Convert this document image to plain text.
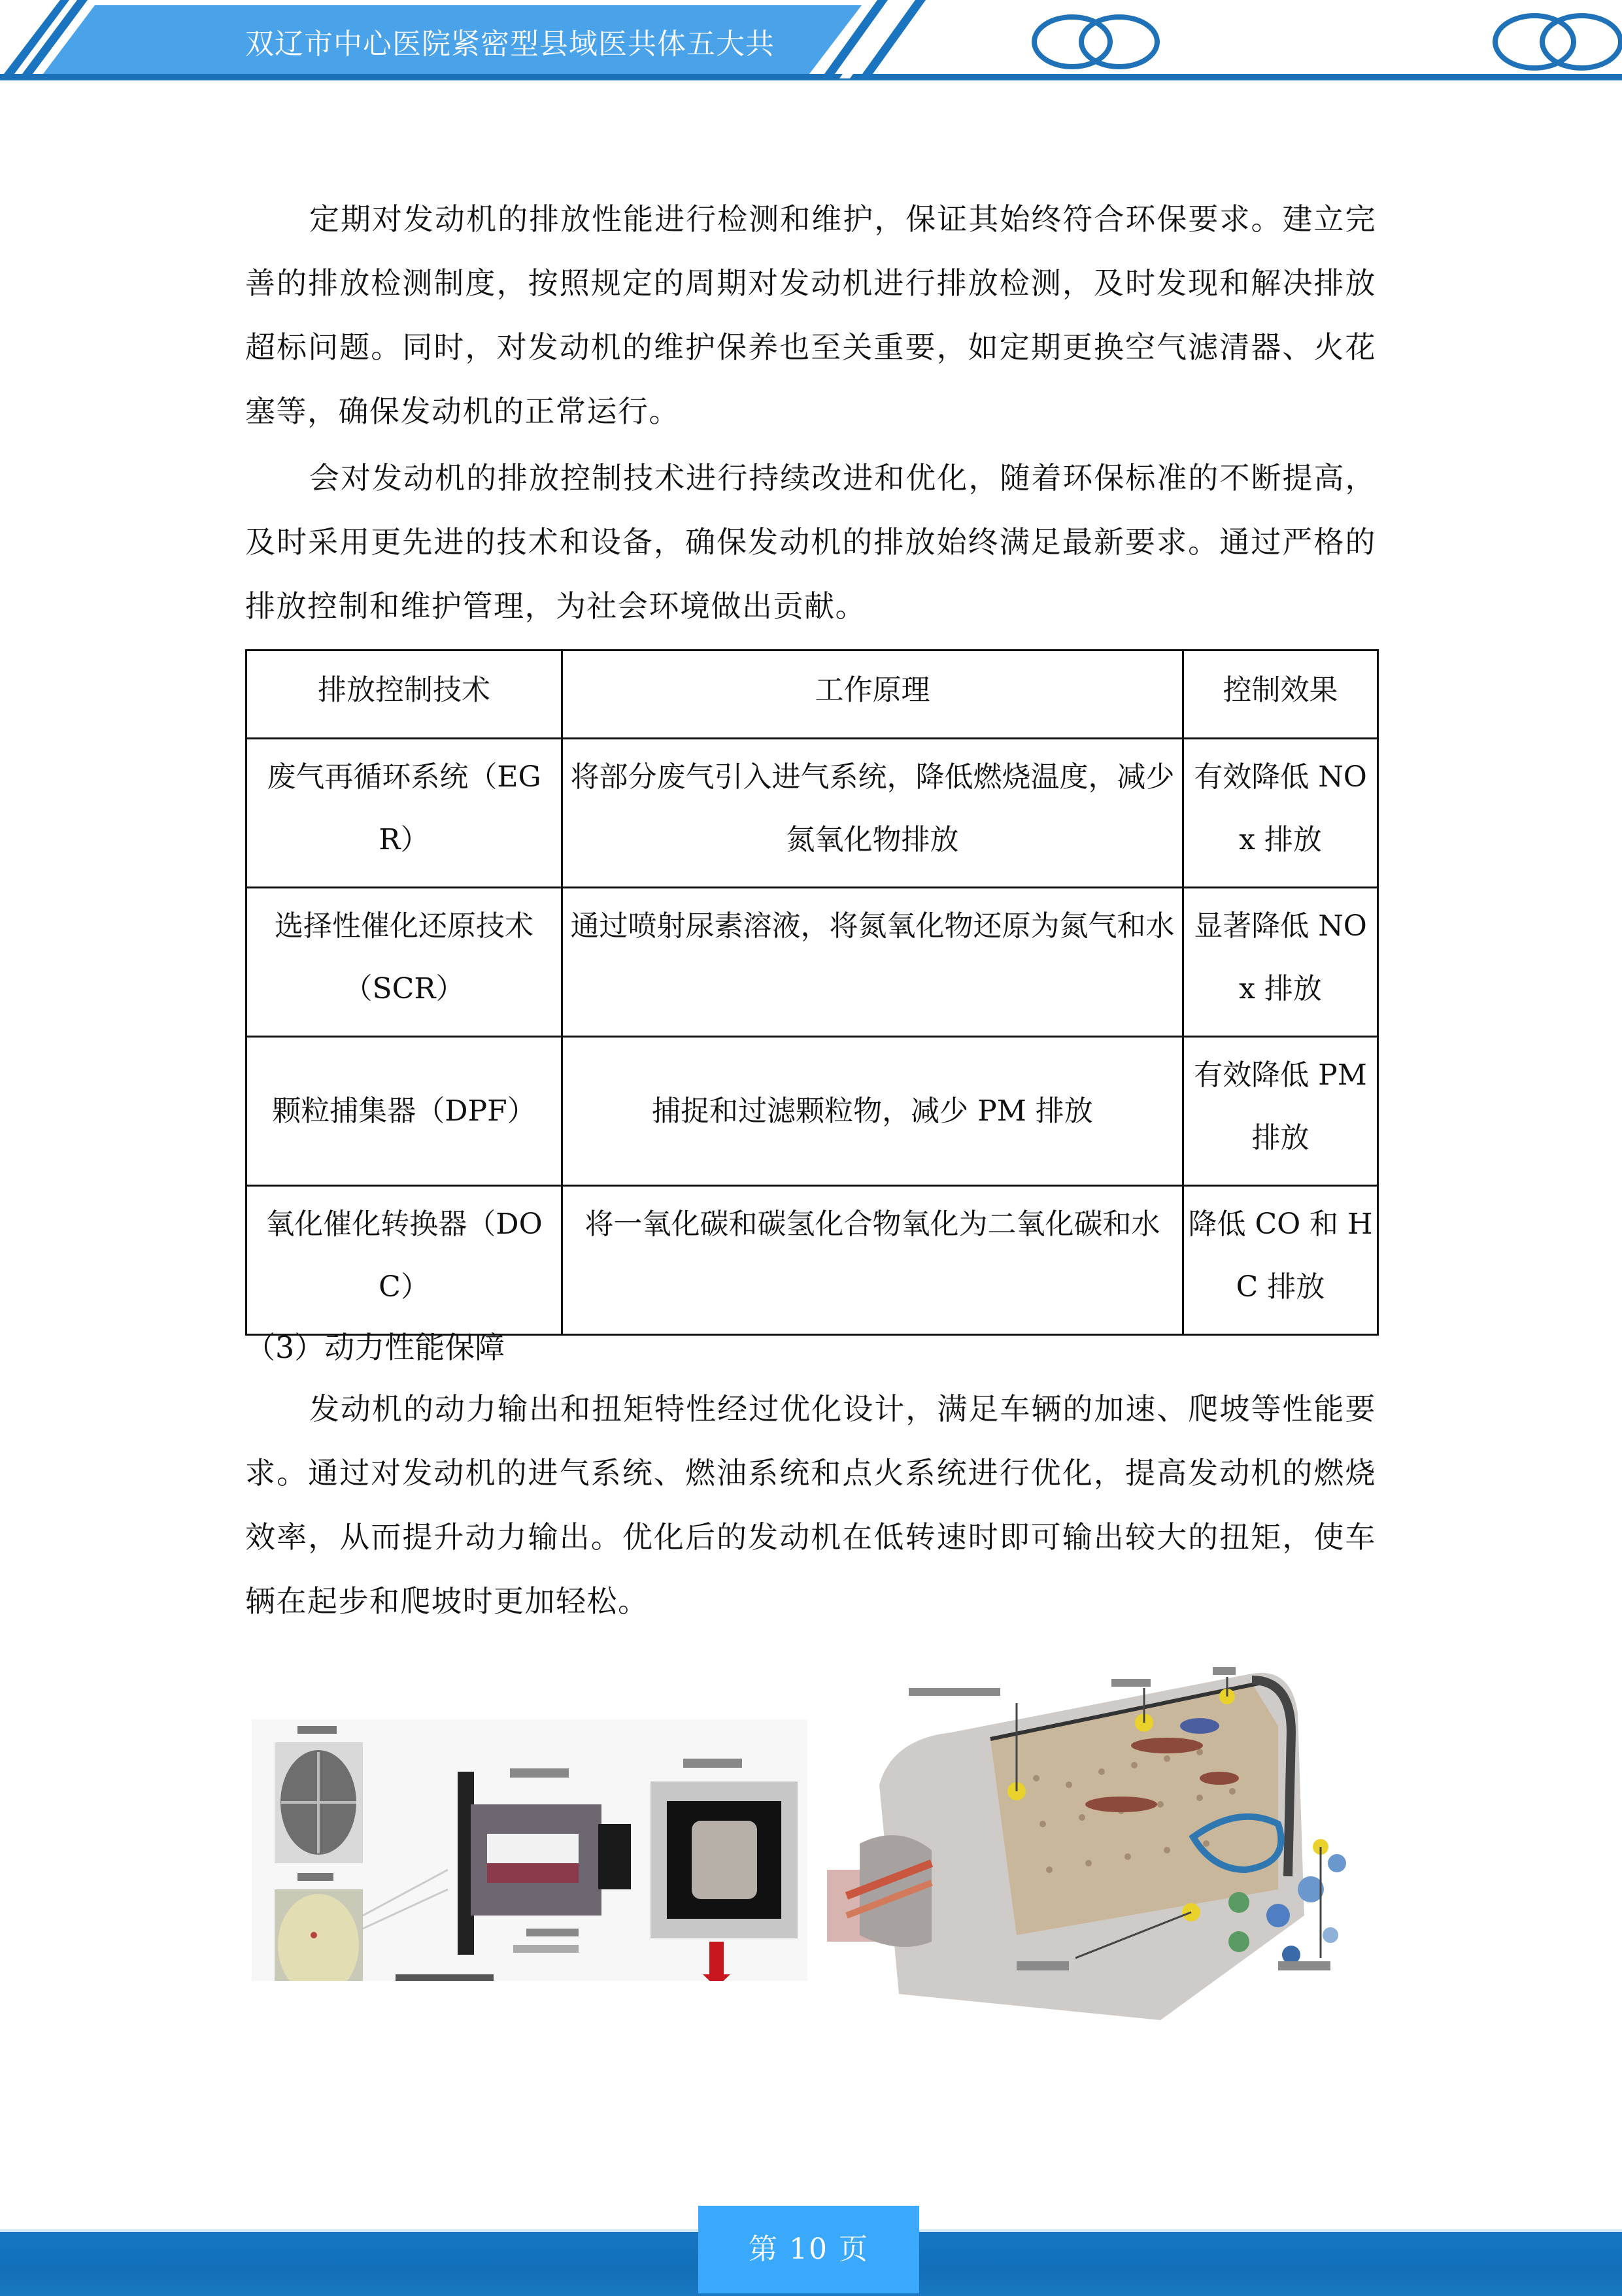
双辽市中心医院紧密型县域医共体五大共

定期对发动机的排放性能进行检测和维护，保证其始终符合环保要求。建立完善的排放检测制度，按照规定的周期对发动机进行排放检测，及时发现和解决排放超标问题。同时，对发动机的维护保养也至关重要，如定期更换空气滤清器、火花塞等，确保发动机的正常运行。

会对发动机的排放控制技术进行持续改进和优化，随着环保标准的不断提高，及时采用更先进的技术和设备，确保发动机的排放始终满足最新要求。通过严格的排放控制和维护管理，为社会环境做出贡献。

排放控制技术	工作原理	控制效果
废气再循环系统（EGR）	将部分废气引入进气系统，降低燃烧温度，减少氮氧化物排放	有效降低 NOx 排放
选择性催化还原技术（SCR）	通过喷射尿素溶液，将氮氧化物还原为氮气和水	显著降低 NOx 排放
颗粒捕集器（DPF）	捕捉和过滤颗粒物，减少 PM 排放	有效降低 PM 排放
氧化催化转换器（DOC）	将一氧化碳和碳氢化合物氧化为二氧化碳和水	降低 CO 和 HC 排放
（3）动力性能保障

发动机的动力输出和扭矩特性经过优化设计，满足车辆的加速、爬坡等性能要求。通过对发动机的进气系统、燃油系统和点火系统进行优化，提高发动机的燃烧效率，从而提升动力输出。优化后的发动机在低转速时即可输出较大的扭矩，使车辆在起步和爬坡时更加轻松。

第 10 页
